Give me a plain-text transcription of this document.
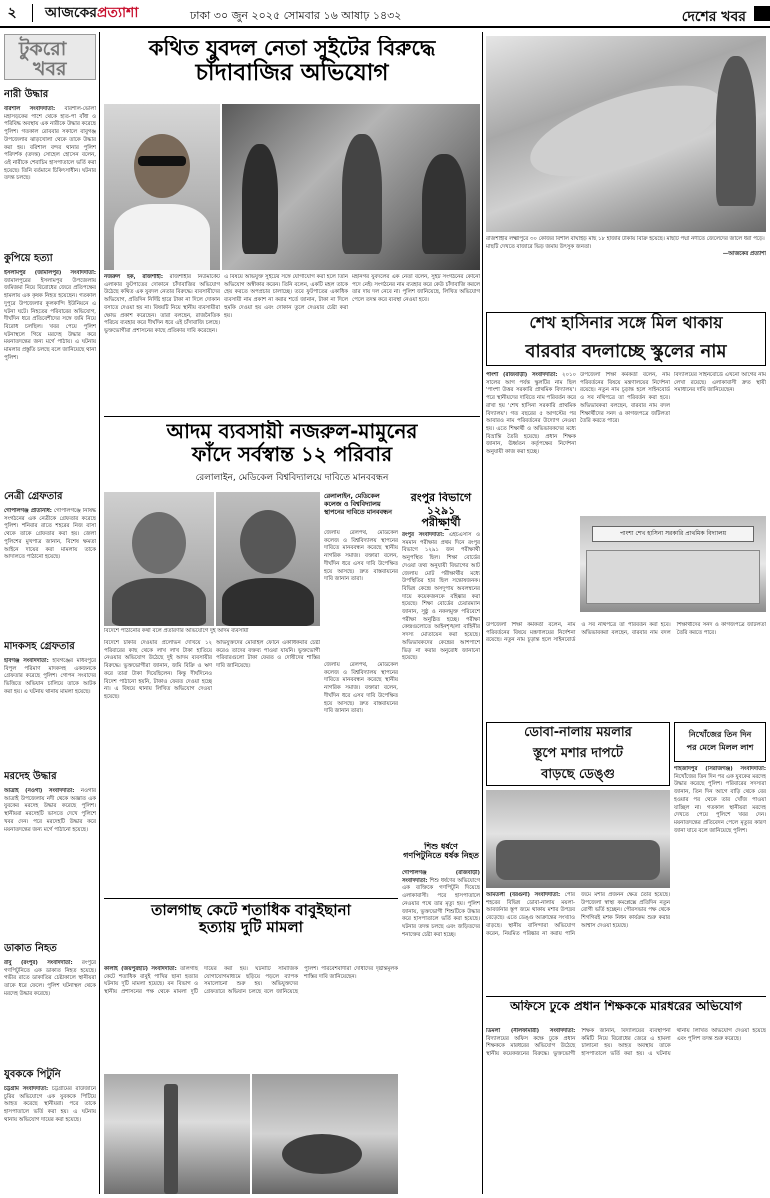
২	আজকেরপ্রত্যাশা	ঢাকা ৩০ জুন ২০২৫ সোমবার ১৬ আষাঢ় ১৪৩২	দেশের খবর
টুকরো
খবর
নারী উদ্ধার
বরিশাল সংবাদদাতা: বরিশাল-ভোলা মহাসড়কের পাশে থেকে হাত-পা বাঁধা ও পরিবিদ্ধ অবস্থায় এক নারীকে উদ্ধার করেছে পুলিশ। গতকাল রোববার সকালে বাবুগঞ্জ উপজেলার ঝাড়খোলা থেকে তাকে উদ্ধার করা হয়। বরিশাল বন্দর থানার পুলিশ পরিদর্শক (তদন্ত) সোহেল হোসেন বলেন, ওই নারীকে শেবাচিম হাসপাতালে ভর্তি করা হয়েছে। তিনি বর্তমানে চিকিৎসাধীন। ঘটনার তদন্ত চলছে।
কুপিয়ে হত্যা
ইসলামপুর (জামালপুর) সংবাদদাতা: জামালপুরের ইসলামপুর উপজেলায় জমিজমা নিয়ে বিরোধের জেরে প্রতিপক্ষের হামলায় এক কৃষক নিহত হয়েছেন। গতকাল দুপুরে উপজেলার কুলকান্দি ইউনিয়নে এ ঘটনা ঘটে। নিহতের পরিবারের অভিযোগ, দীর্ঘদিন ধরে প্রতিবেশীদের সঙ্গে জমি নিয়ে বিরোধ চলছিল। খবর পেয়ে পুলিশ ঘটনাস্থলে গিয়ে মরদেহ উদ্ধার করে ময়নাতদন্তের জন্য মর্গে পাঠায়। এ ঘটনায় মামলার প্রস্তুতি চলছে বলে জানিয়েছে থানা পুলিশ।
নেত্রী গ্রেফতার
গোপালগঞ্জ প্রতিনিধি: গোপালগঞ্জে নিষিদ্ধ সংগঠনের এক নেত্রীকে গ্রেফতার করেছে পুলিশ। শনিবার রাতে শহরের নিজ বাসা থেকে তাকে গ্রেফতার করা হয়। জেলা পুলিশের মুখপাত্র জানান, বিশেষ ক্ষমতা আইনে দায়ের করা মামলায় তাকে আদালতে পাঠানো হয়েছে।
মাদকসহ গ্রেফতার
হবিগঞ্জ সংবাদদাতা: হবিগঞ্জের মাধবপুরে বিপুল পরিমাণ মাদকসহ একজনকে গ্রেফতার করেছে পুলিশ। গোপন সংবাদের ভিত্তিতে অভিযান চালিয়ে তাকে আটক করা হয়। এ ঘটনায় থানায় মামলা হয়েছে।
মরদেহ উদ্ধার
আত্রাই (নওগাঁ) সংবাদদাতা: নওগাঁর আত্রাই উপজেলায় নদী থেকে অজ্ঞাত এক যুবকের মরদেহ উদ্ধার করেছে পুলিশ। স্থানীয়রা মরদেহটি ভাসতে দেখে পুলিশে খবর দেন। পরে মরদেহটি উদ্ধার করে ময়নাতদন্তের জন্য মর্গে পাঠানো হয়েছে।
ডাকাত নিহত
রাবু (রংপুর) সংবাদদাতা: রংপুরে গণপিটুনিতে এক ডাকাত নিহত হয়েছে। গভীর রাতে ডাকাতির চেষ্টাকালে স্থানীয়রা তাকে ধরে ফেলে। পুলিশ ঘটনাস্থল থেকে মরদেহ উদ্ধার করেছে।
যুবককে পিটুনি
চট্টগ্রাম সংবাদদাতা: চট্টগ্রামের রাউজানে চুরির অভিযোগে এক যুবককে পিটিয়ে আহত করেছে স্থানীয়রা। পরে তাকে হাসপাতালে ভর্তি করা হয়। এ ঘটনায় থানায় অভিযোগ দায়ের করা হয়েছে।
কথিত যুবদল নেতা সুইটের বিরুদ্ধে
চাঁদাবাজির অভিযোগ
নজরুল হক, রাজশাহী: রাজশাহীর নিউমার্কেট এলাকার ফুটপাতের দোকানে চাঁদাবাজির অভিযোগ উঠেছে কথিত এক যুবদল নেতার বিরুদ্ধে। ব্যবসায়ীদের অভিযোগ, প্রতিদিন নির্দিষ্ট হারে টাকা না দিলে দোকান বসাতে দেওয়া হয় না। বিষয়টি নিয়ে স্থানীয় ব্যবসায়ীরা ক্ষোভ প্রকাশ করেছেন। তারা বলছেন, রাজনৈতিক পরিচয় ব্যবহার করে দীর্ঘদিন ধরে এই চাঁদাবাজি চলছে। ভুক্তভোগীরা প্রশাসনের কাছে প্রতিকার দাবি করেছেন।
এ বিষয়ে অভিযুক্ত সুইটের সঙ্গে যোগাযোগ করা হলে তিনি অভিযোগ অস্বীকার করেন। তিনি বলেন, একটি মহল তাকে হেয় করতে অপপ্রচার চালাচ্ছে। তবে ফুটপাতের একাধিক ব্যবসায়ী নাম প্রকাশ না করার শর্তে জানান, টাকা না দিলে হুমকি দেওয়া হয় এবং দোকান তুলে দেওয়ার চেষ্টা করা হয়।
মহানগর যুবদলের এক নেতা বলেন, সুইট সংগঠনের কোনো পদে নেই। সংগঠনের নাম ব্যবহার করে কেউ চাঁদাবাজি করলে তার দায় দল নেবে না। পুলিশ জানিয়েছে, লিখিত অভিযোগ পেলে তদন্ত করে ব্যবস্থা নেওয়া হবে।
রাজশাহীর লক্ষ্মীপুরে ৩০ কেজির বিশাল বাঘাইড় মাছ ১৮ হাজার টাকায় বিক্রি হয়েছে। মাছটি পদ্মা নদীতে জেলেদের জালে ধরা পড়ে। মাছটি দেখতে বাজারে ভিড় জমায় উৎসুক জনতা।
—আজকের প্রত্যাশা
শেখ হাসিনার সঙ্গে মিল থাকায়
বারবার বদলাচ্ছে স্কুলের নাম
পাংশা (রাজবাড়ী) সংবাদদাতা: ২০১০ সালের আগ পর্যন্ত স্কুলটির নাম ছিল 'পাংশা উত্তর সরকারি প্রাথমিক বিদ্যালয়'। পরে স্থানীয়দের দাবিতে নাম পরিবর্তন করে রাখা হয় 'শেখ হাসিনা সরকারি প্রাথমিক বিদ্যালয়'। গত বছরের ৫ আগস্টের পর আবারও নাম পরিবর্তনের উদ্যোগ নেওয়া হয়। এতে শিক্ষার্থী ও অভিভাবকদের মধ্যে বিভ্রান্তি তৈরি হয়েছে। প্রধান শিক্ষক জানান, ঊর্ধ্বতন কর্তৃপক্ষের নির্দেশনা অনুযায়ী কাজ করা হচ্ছে।
উপজেলা শিক্ষা কর্মকর্তা বলেন, নাম পরিবর্তনের বিষয়ে মন্ত্রণালয়ের নির্দেশনা রয়েছে। নতুন নাম চূড়ান্ত হলে সাইনবোর্ড ও সব নথিপত্রে তা পরিবর্তন করা হবে। অভিভাবকরা বলছেন, বারবার নাম বদল শিক্ষার্থীদের সনদ ও কাগজপত্রে জটিলতা তৈরি করতে পারে।
বিদ্যালয়ের সাইনবোর্ডে এখনো আগের নাম লেখা রয়েছে। এলাকাবাসী দ্রুত স্থায়ী সমাধানের দাবি জানিয়েছেন।
পাংশা শেখ হাসিনা সরকারি প্রাথমিক বিদ্যালয়
আদম ব্যবসায়ী নজরুল-মামুনের
ফাঁদে সর্বস্বান্ত ১২ পরিবার
রেলালাইন, মেডিকেল বিশ্ববিদ্যালয়ে দাবিতে মানববন্ধন
বিদেশে পাঠানোর কথা বলে প্রতারণার অভিযোগে দুই আদম ব্যবসায়ী
রেলালাইন, মেডিকেল কলেজ ও বিশ্ববিদ্যালয় স্থাপনের দাবিতে মানববন্ধন
জেলায় রেলপথ, মেডিকেল কলেজ ও বিশ্ববিদ্যালয় স্থাপনের দাবিতে মানববন্ধন করেছে স্থানীয় নাগরিক সমাজ। বক্তারা বলেন, দীর্ঘদিন ধরে এসব দাবি উপেক্ষিত হয়ে আসছে। দ্রুত বাস্তবায়নের দাবি জানান তারা।
বিদেশে চাকরি দেওয়ার প্রলোভন দেখিয়ে ১২ পরিবারের কাছ থেকে লাখ লাখ টাকা হাতিয়ে নেওয়ার অভিযোগ উঠেছে দুই আদম ব্যবসায়ীর বিরুদ্ধে। ভুক্তভোগীরা জানান, জমি বিক্রি ও ঋণ করে তারা টাকা দিয়েছিলেন। কিন্তু দীর্ঘদিনেও বিদেশ পাঠানো হয়নি, টাকাও ফেরত দেওয়া হচ্ছে না। এ বিষয়ে থানায় লিখিত অভিযোগ দেওয়া হয়েছে।
অভিযুক্তদের মোবাইল ফোনে একাধিকবার চেষ্টা করেও তাদের বক্তব্য পাওয়া যায়নি। ভুক্তভোগী পরিবারগুলো টাকা ফেরত ও দোষীদের শাস্তির দাবি জানিয়েছে।	জেলায় রেলপথ, মেডিকেল কলেজ ও বিশ্ববিদ্যালয় স্থাপনের দাবিতে মানববন্ধন করেছে স্থানীয় নাগরিক সমাজ। বক্তারা বলেন, দীর্ঘদিন ধরে এসব দাবি উপেক্ষিত হয়ে আসছে। দ্রুত বাস্তবায়নের দাবি জানান তারা।
রংপুর বিভাগে ১২৯১
পরীক্ষার্থী
রংপুর সংবাদদাতা: এইচএসসি ও সমমান পরীক্ষার প্রথম দিনে রংপুর বিভাগে ১২৯১ জন পরীক্ষার্থী অনুপস্থিত ছিল। শিক্ষা বোর্ডের দেওয়া তথ্য অনুযায়ী বিভাগের আট জেলায় মোট পরীক্ষার্থীর মধ্যে উপস্থিতির হার ছিল সন্তোষজনক। বিভিন্ন কেন্দ্রে অসদুপায় অবলম্বনের দায়ে কয়েকজনকে বহিষ্কার করা হয়েছে। শিক্ষা বোর্ডের চেয়ারম্যান জানান, সুষ্ঠু ও নকলমুক্ত পরিবেশে পরীক্ষা অনুষ্ঠিত হচ্ছে। পরীক্ষা কেন্দ্রগুলোতে আইনশৃঙ্খলা বাহিনীর সদস্য মোতায়েন করা হয়েছে। অভিভাবকদের কেন্দ্রের আশপাশে ভিড় না করার অনুরোধ জানানো হয়েছে।
শিশু ধর্ষণে
গণপিটুনিতে ধর্ষক নিহত
গোপালগঞ্জ (রাজবাড়ী) সংবাদদাতা: শিশু ধর্ষণের অভিযোগে এক ব্যক্তিকে গণপিটুনি দিয়েছে এলাকাবাসী। পরে হাসপাতালে নেওয়ার পথে তার মৃত্যু হয়। পুলিশ জানায়, ভুক্তভোগী শিশুটিকে উদ্ধার করে হাসপাতালে ভর্তি করা হয়েছে। ঘটনার তদন্ত চলছে এবং জড়িতদের শনাক্তের চেষ্টা করা হচ্ছে।
তালগাছ কেটে শতাধিক বাবুইছানা
হত্যায় দুটি মামলা
কালাই (জয়পুরহাট) সংবাদদাতা: তালগাছ কেটে শতাধিক বাবুই পাখির ছানা হত্যার ঘটনায় দুটি মামলা হয়েছে। বন বিভাগ ও স্থানীয় প্রশাসনের পক্ষ থেকে মামলা দুটি দায়ের করা হয়। ঘটনাটি সামাজিক যোগাযোগমাধ্যমে ছড়িয়ে পড়লে ব্যাপক সমালোচনা শুরু হয়। অভিযুক্তদের গ্রেফতারে অভিযান চলছে বলে জানিয়েছে পুলিশ। পরিবেশবাদীরা দোষীদের দৃষ্টান্তমূলক শাস্তির দাবি জানিয়েছেন।
উপজেলা শিক্ষা কর্মকর্তা বলেন, নাম পরিবর্তনের বিষয়ে মন্ত্রণালয়ের নির্দেশনা রয়েছে। নতুন নাম চূড়ান্ত হলে সাইনবোর্ড ও সব নথিপত্রে তা পরিবর্তন করা হবে। অভিভাবকরা বলছেন, বারবার নাম বদল শিক্ষার্থীদের সনদ ও কাগজপত্রে জটিলতা তৈরি করতে পারে।
নিখোঁজের তিন দিন
পর মেলে মিলল লাশ
শাহজাদপুর (সিরাজগঞ্জ) সংবাদদাতা: নিখোঁজের তিন দিন পর এক যুবকের মরদেহ উদ্ধার করেছে পুলিশ। পরিবারের সদস্যরা জানান, তিন দিন আগে বাড়ি থেকে বের হওয়ার পর থেকে তার খোঁজ পাওয়া যাচ্ছিল না। গতকাল স্থানীয়রা মরদেহ দেখতে পেয়ে পুলিশে খবর দেন। ময়নাতদন্তের প্রতিবেদন পেলে মৃত্যুর কারণ জানা যাবে বলে জানিয়েছে পুলিশ।
ডোবা-নালায় ময়লার
স্তূপে মশার দাপটে
বাড়ছে ডেঙ্গু
আমতলী (বরগুনা) সংবাদদাতা: পৌর শহরের বিভিন্ন ডোবা-নালায় ময়লা-আবর্জনার স্তূপ জমে থাকায় মশার উপদ্রব বেড়েছে। এতে ডেঙ্গু আক্রান্তের সংখ্যাও বাড়ছে। স্থানীয় বাসিন্দারা অভিযোগ করেন, নিয়মিত পরিষ্কার না করায় পানি জমে মশার প্রজনন ক্ষেত্র তৈরি হয়েছে। উপজেলা স্বাস্থ্য কমপ্লেক্সে প্রতিদিন নতুন রোগী ভর্তি হচ্ছেন। পৌরসভার পক্ষ থেকে শিগগিরই মশক নিধন কার্যক্রম শুরু করার আশ্বাস দেওয়া হয়েছে।
অফিসে ঢুকে প্রধান শিক্ষককে মারধরের অভিযোগ
ডিমলা (নীলফামারী) সংবাদদাতা: বিদ্যালয়ের অফিস কক্ষে ঢুকে প্রধান শিক্ষককে মারধরের অভিযোগ উঠেছে স্থানীয় কয়েকজনের বিরুদ্ধে। ভুক্তভোগী শিক্ষক জানান, বিদ্যালয়ের ব্যবস্থাপনা কমিটি নিয়ে বিরোধের জেরে এ হামলা চালানো হয়। আহত অবস্থায় তাকে হাসপাতালে ভর্তি করা হয়। এ ঘটনায় থানায় লিখিত অভিযোগ দেওয়া হয়েছে এবং পুলিশ তদন্ত শুরু করেছে।
